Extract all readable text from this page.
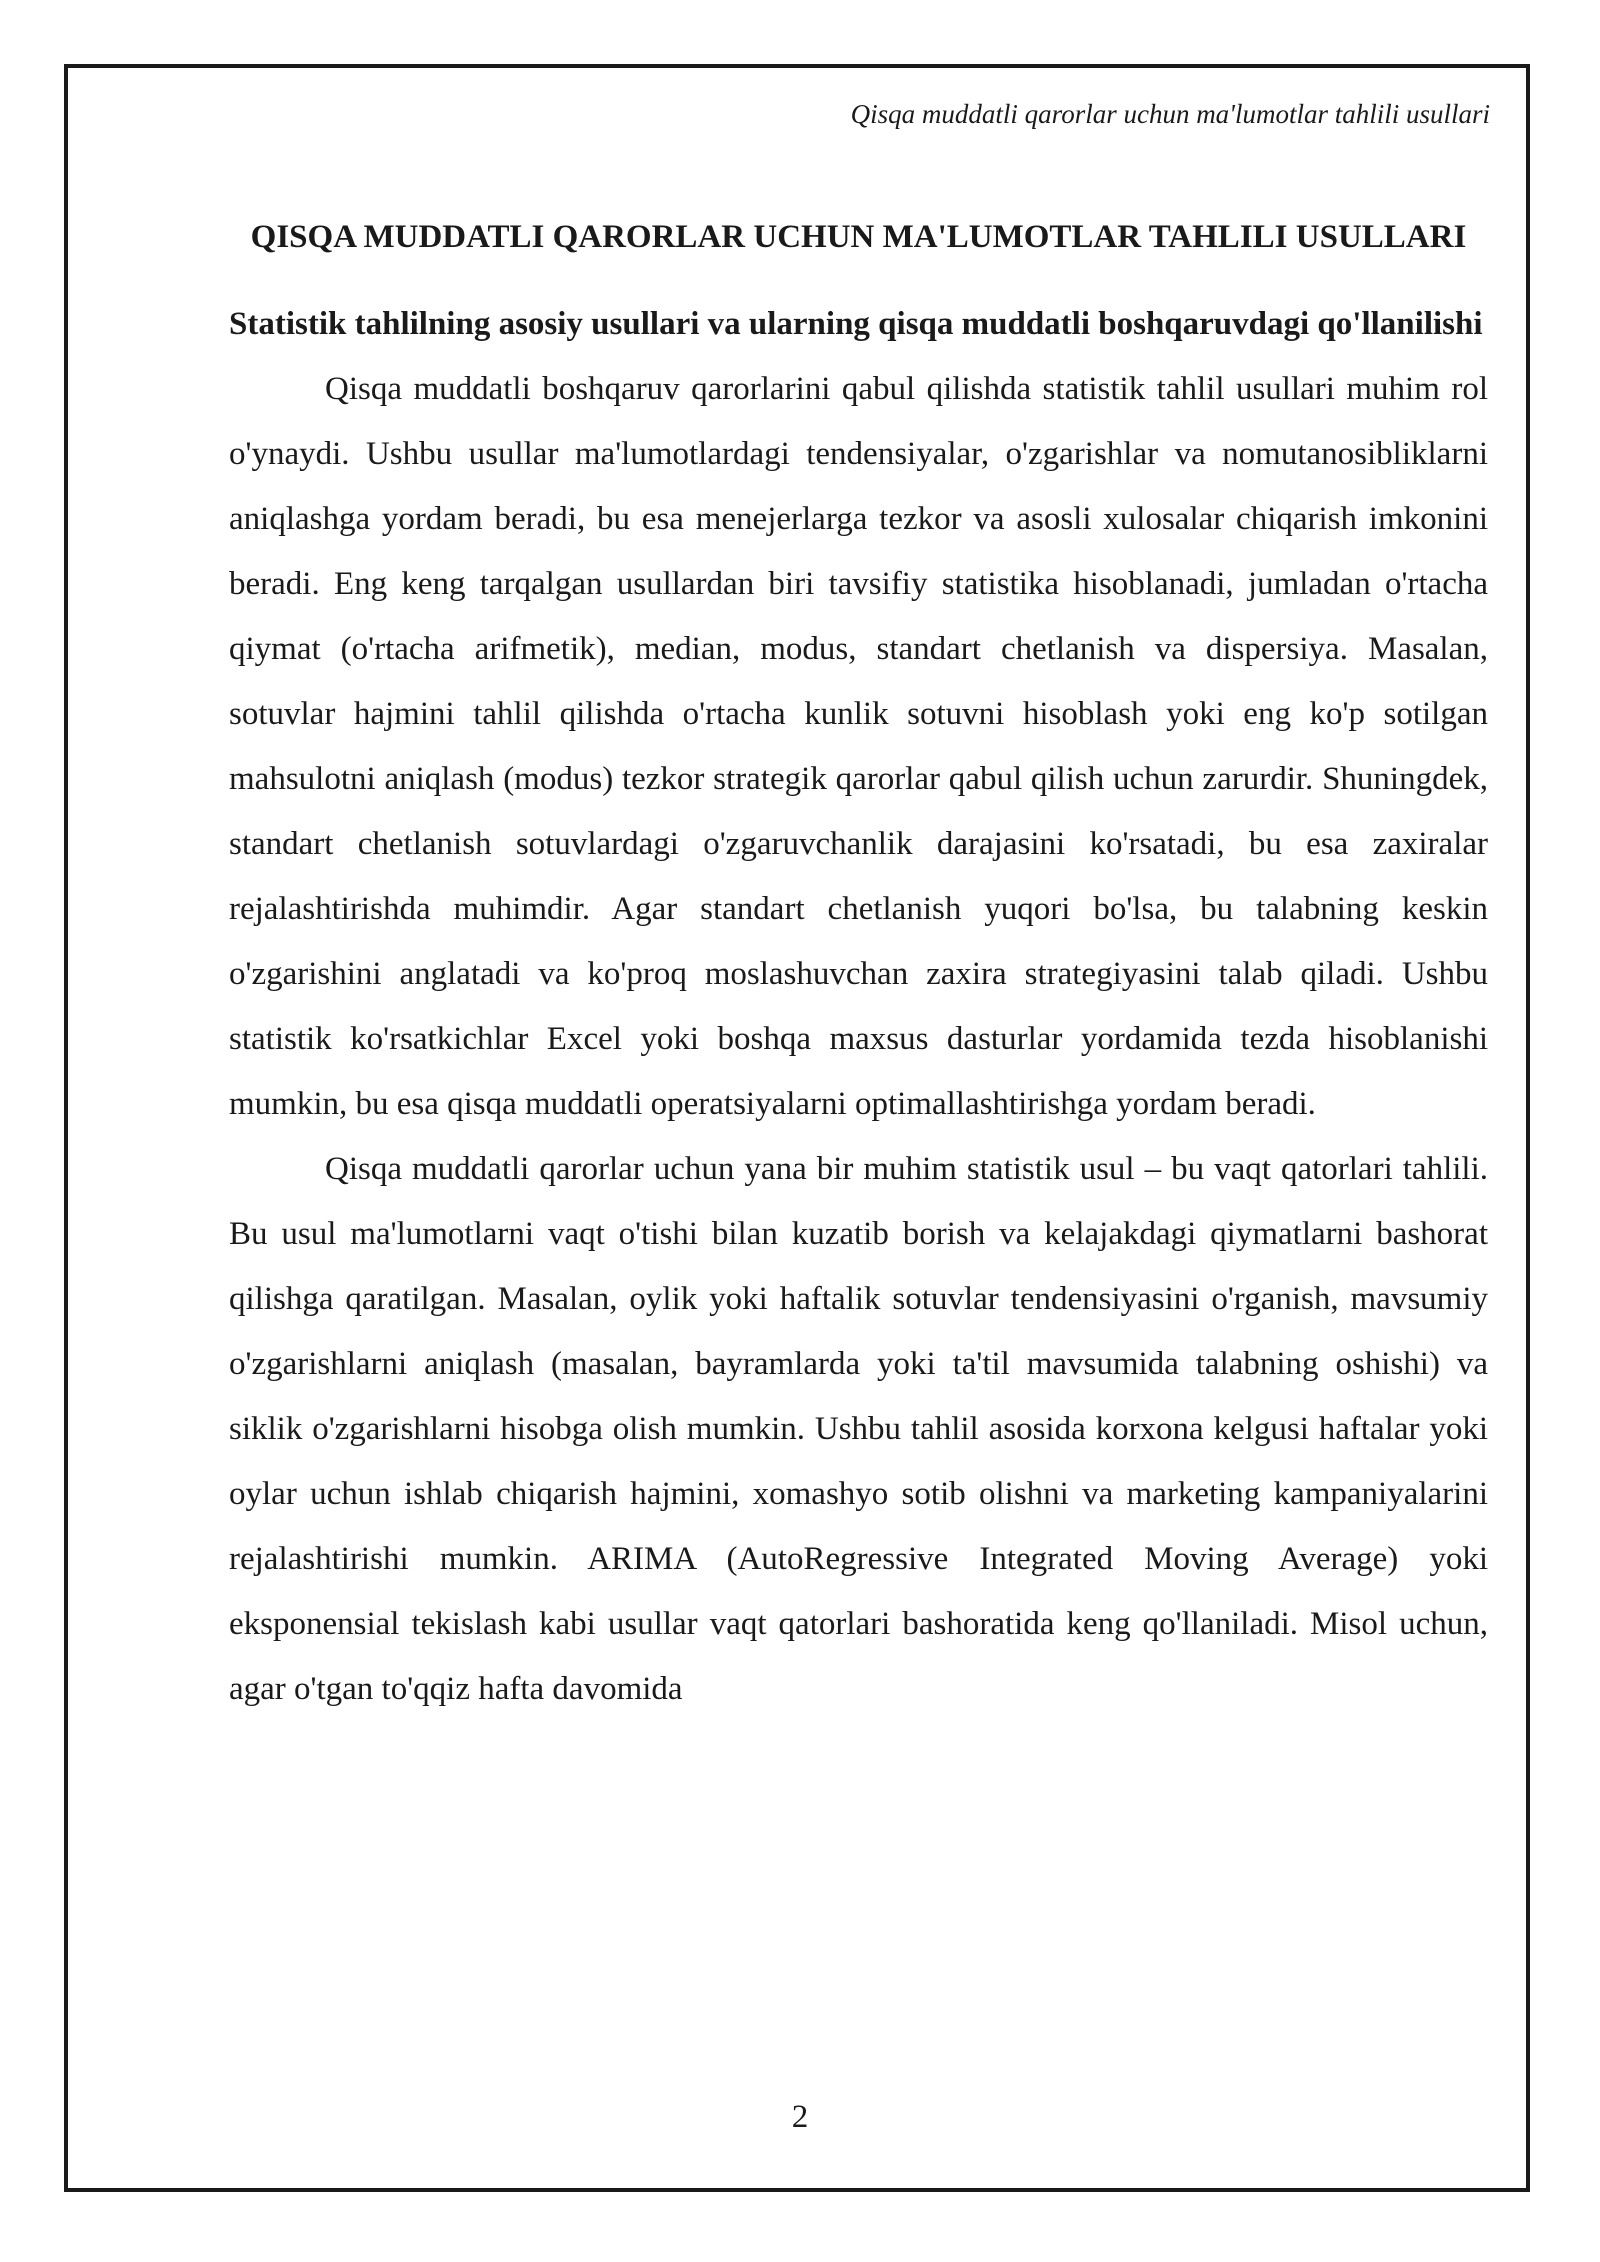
Qisqa muddatli qarorlar uchun ma'lumotlar tahlili usullari
QISQA MUDDATLI QARORLAR UCHUN MA'LUMOTLAR TAHLILI USULLARI
Statistik tahlilning asosiy usullari va ularning qisqa muddatli boshqaruvdagi qo'llanilishi

Qisqa muddatli boshqaruv qarorlarini qabul qilishda statistik tahlil usullari muhim rol o'ynaydi. Ushbu usullar ma'lumotlardagi tendensiyalar, o'zgarishlar va nomutanosibliklarni aniqlashga yordam beradi, bu esa menejerlarga tezkor va asosli xulosalar chiqarish imkonini beradi. Eng keng tarqalgan usullardan biri tavsifiy statistika hisoblanadi, jumladan o'rtacha qiymat (o'rtacha arifmetik), median, modus, standart chetlanish va dispersiya. Masalan, sotuvlar hajmini tahlil qilishda o'rtacha kunlik sotuvni hisoblash yoki eng ko'p sotilgan mahsulotni aniqlash (modus) tezkor strategik qarorlar qabul qilish uchun zarurdir. Shuningdek, standart chetlanish sotuvlardagi o'zgaruvchanlik darajasini ko'rsatadi, bu esa zaxiralar rejalashtirishda muhimdir. Agar standart chetlanish yuqori bo'lsa, bu talabning keskin o'zgarishini anglatadi va ko'proq moslashuvchan zaxira strategiyasini talab qiladi. Ushbu statistik ko'rsatkichlar Excel yoki boshqa maxsus dasturlar yordamida tezda hisoblanishi mumkin, bu esa qisqa muddatli operatsiyalarni optimallashtirishga yordam beradi.

Qisqa muddatli qarorlar uchun yana bir muhim statistik usul – bu vaqt qatorlari tahlili. Bu usul ma'lumotlarni vaqt o'tishi bilan kuzatib borish va kelajakdagi qiymatlarni bashorat qilishga qaratilgan. Masalan, oylik yoki haftalik sotuvlar tendensiyasini o'rganish, mavsumiy o'zgarishlarni aniqlash (masalan, bayramlarda yoki ta'til mavsumida talabning oshishi) va siklik o'zgarishlarni hisobga olish mumkin. Ushbu tahlil asosida korxona kelgusi haftalar yoki oylar uchun ishlab chiqarish hajmini, xomashyo sotib olishni va marketing kampaniyalarini rejalashtirishi mumkin. ARIMA (AutoRegressive Integrated Moving Average) yoki eksponensial tekislash kabi usullar vaqt qatorlari bashoratida keng qo'llaniladi. Misol uchun, agar o'tgan to'qqiz hafta davomida

2
